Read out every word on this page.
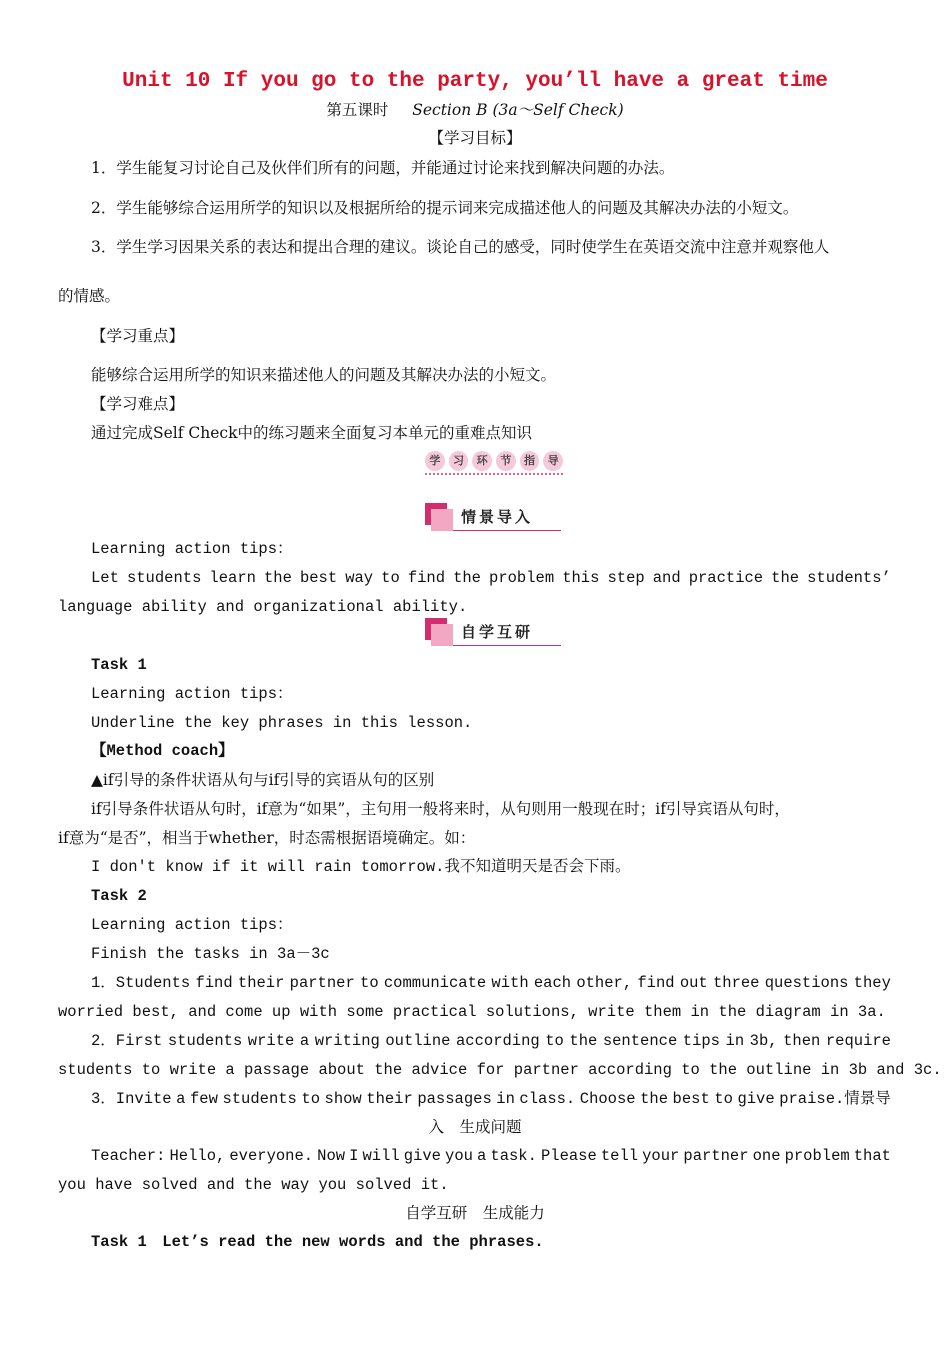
Unit 10 If you go to the party, you’ll have a great time
第五课时 Section B (3a～Self Check)
【学习目标】
1．学生能复习讨论自己及伙伴们所有的问题，并能通过讨论来找到解决问题的办法。
2．学生能够综合运用所学的知识以及根据所给的提示词来完成描述他人的问题及其解决办法的小短文。
3．学生学习因果关系的表达和提出合理的建议。谈论自己的感受，同时使学生在英语交流中注意并观察他人
的情感。
【学习重点】
能够综合运用所学的知识来描述他人的问题及其解决办法的小短文。
【学习难点】
通过完成Self Check中的练习题来全面复习本单元的重难点知识
学	习	环	节	指	导
情景导入
Learning action tips：
Let students learn the best way to find the problem this step and practice the students’
language ability and organizational ability.
自学互研
Task 1
Learning action tips：
Underline the key phrases in this lesson.
【Method coach】
▲if引导的条件状语从句与if引导的宾语从句的区别
if引导条件状语从句时，if意为“如果”，主句用一般将来时，从句则用一般现在时；if引导宾语从句时，
if意为“是否”，相当于whether，时态需根据语境确定。如：
I don't know if it will rain tomorrow.我不知道明天是否会下雨。
Task 2
Learning action tips：
Finish the tasks in 3a－3c
1．Students find their partner to communicate with each other, find out three questions they
worried best, and come up with some practical solutions, write them in the diagram in 3a.
2．First students write a writing outline according to the sentence tips in 3b, then require
students to write a passage about the advice for partner according to the outline in 3b and 3c.
3．Invite a few students to show their passages in class. Choose the best to give praise.情景导
入　生成问题
Teacher: Hello, everyone. Now I will give you a task. Please tell your partner one problem that
you have solved and the way you solved it.
自学互研　生成能力
Task 1　Let’s read the new words and the phrases.
